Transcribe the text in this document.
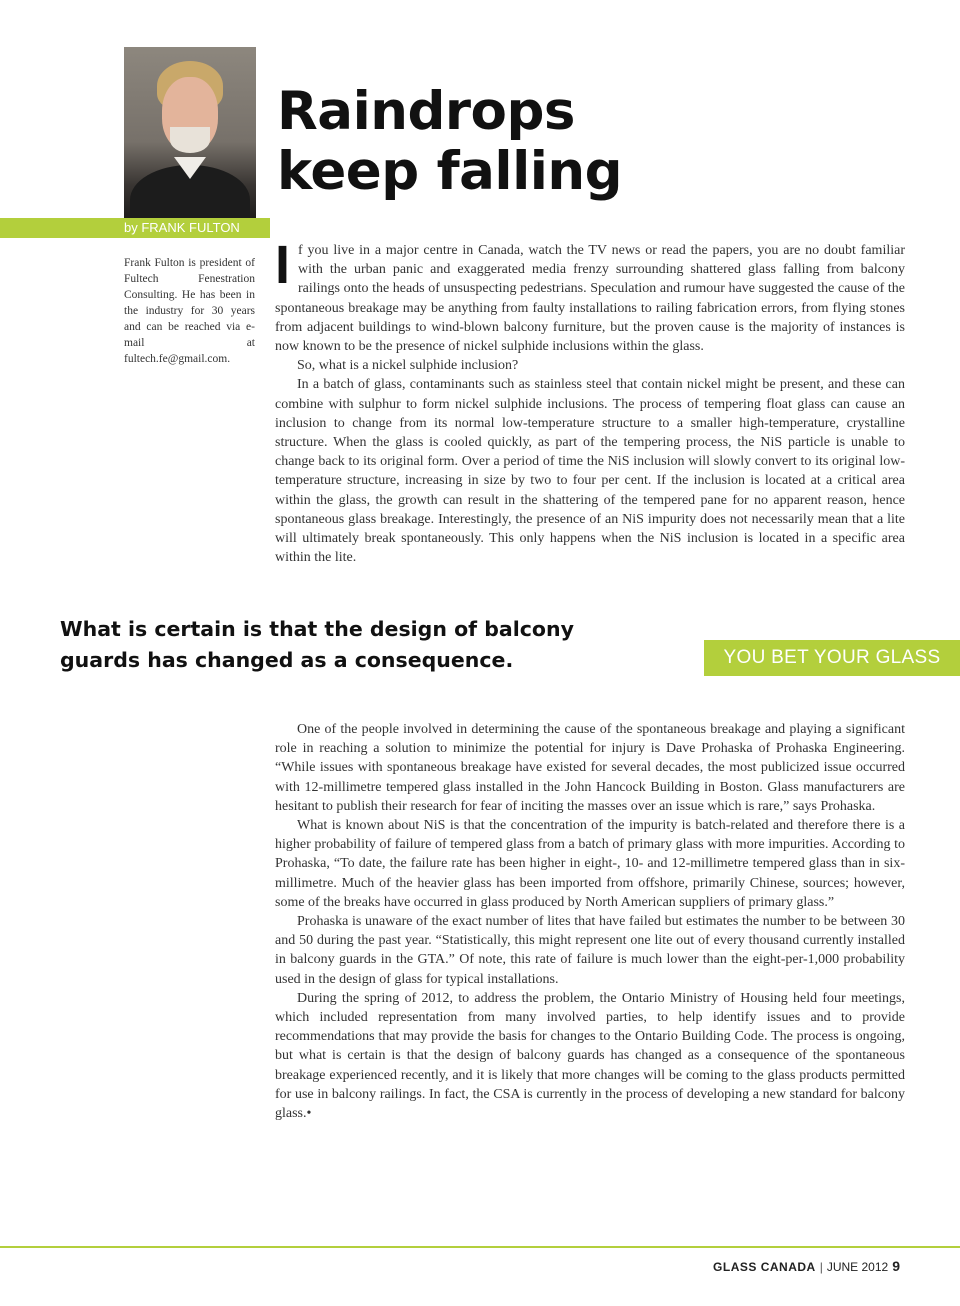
Raindrops
keep falling
by FRANK FULTON

Frank Fulton is president of Fultech Fenestration Consulting. He has been in the industry for 30 years and can be reached via e-mail at fultech.fe@gmail.com.

If you live in a major centre in Canada, watch the TV news or read the papers, you are no doubt familiar with the urban panic and exaggerated media frenzy surrounding shattered glass falling from balcony railings onto the heads of unsuspecting pedestrians. Speculation and rumour have suggested the cause of the spontaneous breakage may be anything from faulty installations to railing fabrication errors, from flying stones from adjacent buildings to wind-blown balcony furniture, but the proven cause is the majority of instances is now known to be the presence of nickel sulphide inclusions within the glass.

So, what is a nickel sulphide inclusion?

In a batch of glass, contaminants such as stainless steel that contain nickel might be present, and these can combine with sulphur to form nickel sulphide inclusions. The process of tempering float glass can cause an inclusion to change from its normal low-temperature structure to a smaller high-temperature, crystalline structure. When the glass is cooled quickly, as part of the tempering process, the NiS particle is unable to change back to its original form. Over a period of time the NiS inclusion will slowly convert to its original low-temperature structure, increasing in size by two to four per cent. If the inclusion is located at a critical area within the glass, the growth can result in the shattering of the tempered pane for no apparent reason, hence spontaneous glass breakage. Interestingly, the presence of an NiS impurity does not necessarily mean that a lite will ultimately break spontaneously. This only happens when the NiS inclusion is located in a specific area within the lite.

What is certain is that the design of balcony guards has changed as a consequence.	YOU BET YOUR GLASS

One of the people involved in determining the cause of the spontaneous breakage and playing a significant role in reaching a solution to minimize the potential for injury is Dave Prohaska of Prohaska Engineering. “While issues with spontaneous breakage have existed for several decades, the most publicized issue occurred with 12-millimetre tempered glass installed in the John Hancock Building in Boston. Glass manufacturers are hesitant to publish their research for fear of inciting the masses over an issue which is rare,” says Prohaska.

What is known about NiS is that the concentration of the impurity is batch-related and therefore there is a higher probability of failure of tempered glass from a batch of primary glass with more impurities. According to Prohaska, “To date, the failure rate has been higher in eight-, 10- and 12-millimetre tempered glass than in six-millimetre. Much of the heavier glass has been imported from offshore, primarily Chinese, sources; however, some of the breaks have occurred in glass produced by North American suppliers of primary glass.”

Prohaska is unaware of the exact number of lites that have failed but estimates the number to be between 30 and 50 during the past year. “Statistically, this might represent one lite out of every thousand currently installed in balcony guards in the GTA.” Of note, this rate of failure is much lower than the eight-per-1,000 probability used in the design of glass for typical installations.

During the spring of 2012, to address the problem, the Ontario Ministry of Housing held four meetings, which included representation from many involved parties, to help identify issues and to provide recommendations that may provide the basis for changes to the Ontario Building Code. The process is ongoing, but what is certain is that the design of balcony guards has changed as a consequence of the spontaneous breakage experienced recently, and it is likely that more changes will be coming to the glass products permitted for use in balcony railings. In fact, the CSA is currently in the process of developing a new standard for balcony glass.•

GLASS CANADA | JUNE 2012 9
